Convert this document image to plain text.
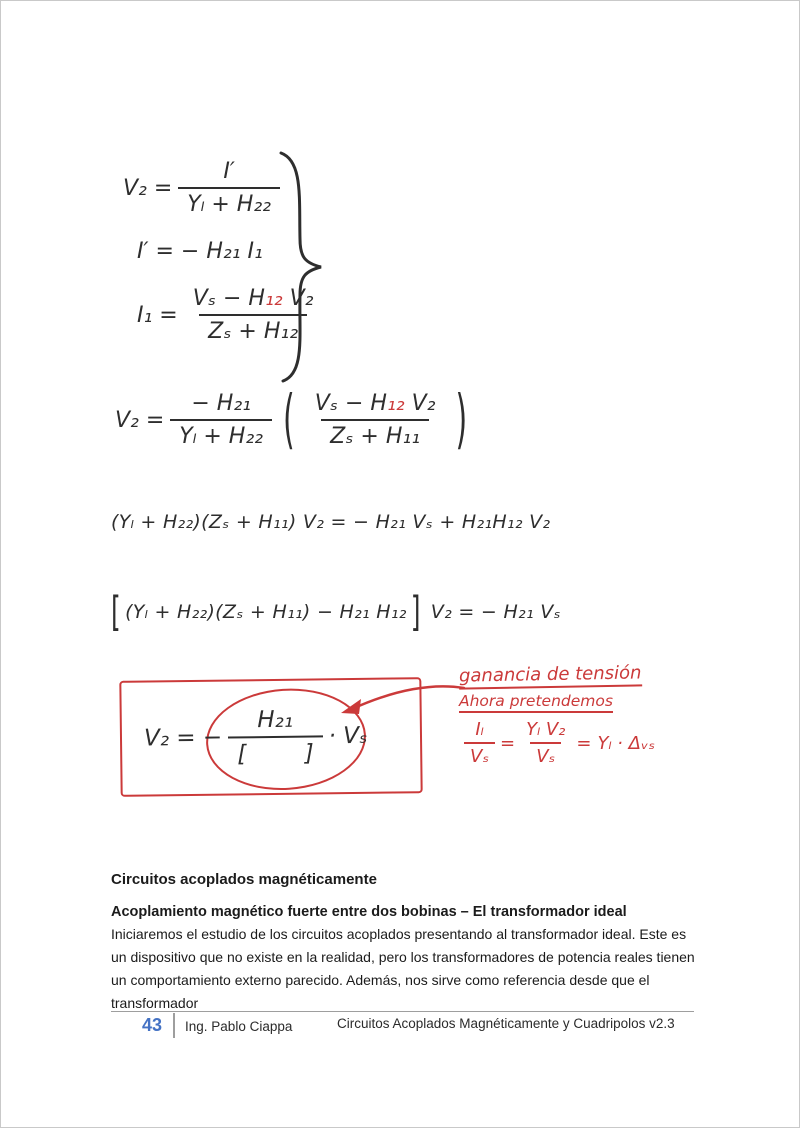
$V_2 = \frac{I'}{\text{Yₗ + H₂₂}}$
I′ = − H₂₁ I₁
$I_1 = \frac{\text{Vₛ − H₁₂ V₂}}{\text{Zₛ + H₁₂}}$
$V_2 = \frac{\text{− H₂₁}}{\text{Yₗ + H₂₂}}$ ( $\frac{\text{Vₛ − H₁₂ V₂}}{\text{Zₛ + H₁₁}}$ )
(Yₗ + H₂₂)(Zₛ + H₁₁) V₂ = − H₂₁ Vₛ + H₂₁H₁₂ V₂
[ (Yₗ + H₂₂)(Zₛ + H₁₁) − H₂₁ H₁₂ ] V₂ = − H₂₁ Vₛ
V₂ = − $\frac{\text{H₂₁}}{[ ]} \cdot V_s$
ganancia de tensión
Ahora pretendemos
$\frac{\text{Iₗ}}{\text{Vₛ}} = \frac{\text{Yₗ V₂}}{\text{Vₛ}} = Y_l$ · Δᵥₛ
Circuitos acoplados magnéticamente
Acoplamiento magnético fuerte entre dos bobinas – El transformador ideal

Iniciaremos el estudio de los circuitos acoplados presentando al transformador ideal. Este es un dispositivo que no existe en la realidad, pero los transformadores de potencia reales tienen un comportamiento externo parecido. Además, nos sirve como referencia desde que el transformador

43 Ing. Pablo Ciappa	Circuitos Acoplados Magnéticamente y Cuadripolos v2.3
